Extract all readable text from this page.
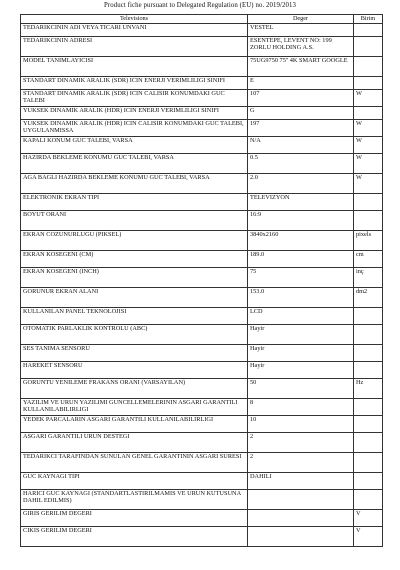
Product fiche pursuant to Delegated Regulation (EU) no. 2019/2013
Televisions	Deger	Birim
TEDARIKCININ ADI VEYA TICARI UNVANI	VESTEL	
TEDARIKCININ ADRESI	ESENTEPE, LEVENT NO: 199 ZORLU HOLDING A.S.	
MODEL TANIMLAYICISI	75UG9750 75'' 4K SMART GOOGLE	
STANDART DINAMIK ARALIK (SDR) ICIN ENERJI VERIMLILIGI SINIFI	E	
STANDART DINAMIK ARALIK (SDR) ICIN CALISIR KONUMDAKI GUC TALEBI	107	W
YUKSEK DINAMIK ARALIK (HDR) ICIN ENERJI VERIMLILIGI SINIFI	G	
YUKSEK DINAMIK ARALIK (HDR) ICIN CALISIR KONUMDAKI GUC TALEBI, UYGULANMISSA	197	W
KAPALI KONUM GUC TALEBI, VARSA	N/A	W
HAZIRDA BEKLEME KONUMU GUC TALEBI, VARSA	0.5	W
AGA BAGLI HAZIRDA BEKLEME KONUMU GUC TALEBI, VARSA	2.0	W
ELEKTRONIK EKRAN TIPI	TELEVIZYON	
BOYUT ORANI	16:9	
EKRAN COZUNURLUGU (PIKSEL)	3840x2160	pixels
EKRAN KOSEGENI (CM)	189.0	cm
EKRAN KOSEGENI (INCH)	75	inç
GORUNUR EKRAN ALANI	153.0	dm2
KULLANILAN PANEL TEKNOLOJISI	LCD	
OTOMATIK PARLAKLIK KONTROLU (ABC)	Hayir	
SES TANIMA SENSORU	Hayir	
HAREKET SENSORU	Hayir	
GORUNTU YENILEME FRAKANS ORANI (VARSAYILAN)	50	Hz
YAZILIM VE URUN YAZILIMI GUNCELLEMELERININ ASGARI GARANTILI KULLANILABILIRLIGI	8	
YEDEK PARCALARIN ASGARI GARANTILI KULLANILABILIRLIGI	10	
ASGARI GARANTILI URUN DESTEGI	2	
TEDARIKCI TARAFINDAN SUNULAN GENEL GARANTININ ASGARI SURESI	2	
GUC KAYNAGI TIPI	DAHILI	
HARICI GUC KAYNAGI (STANDARTLASTIRILMAMIS VE URUN KUTUSUNA DAHIL EDILMIS)		
GIRIS GERILIM DEGERI		V
CIKIS GERILIM DEGERI		V
